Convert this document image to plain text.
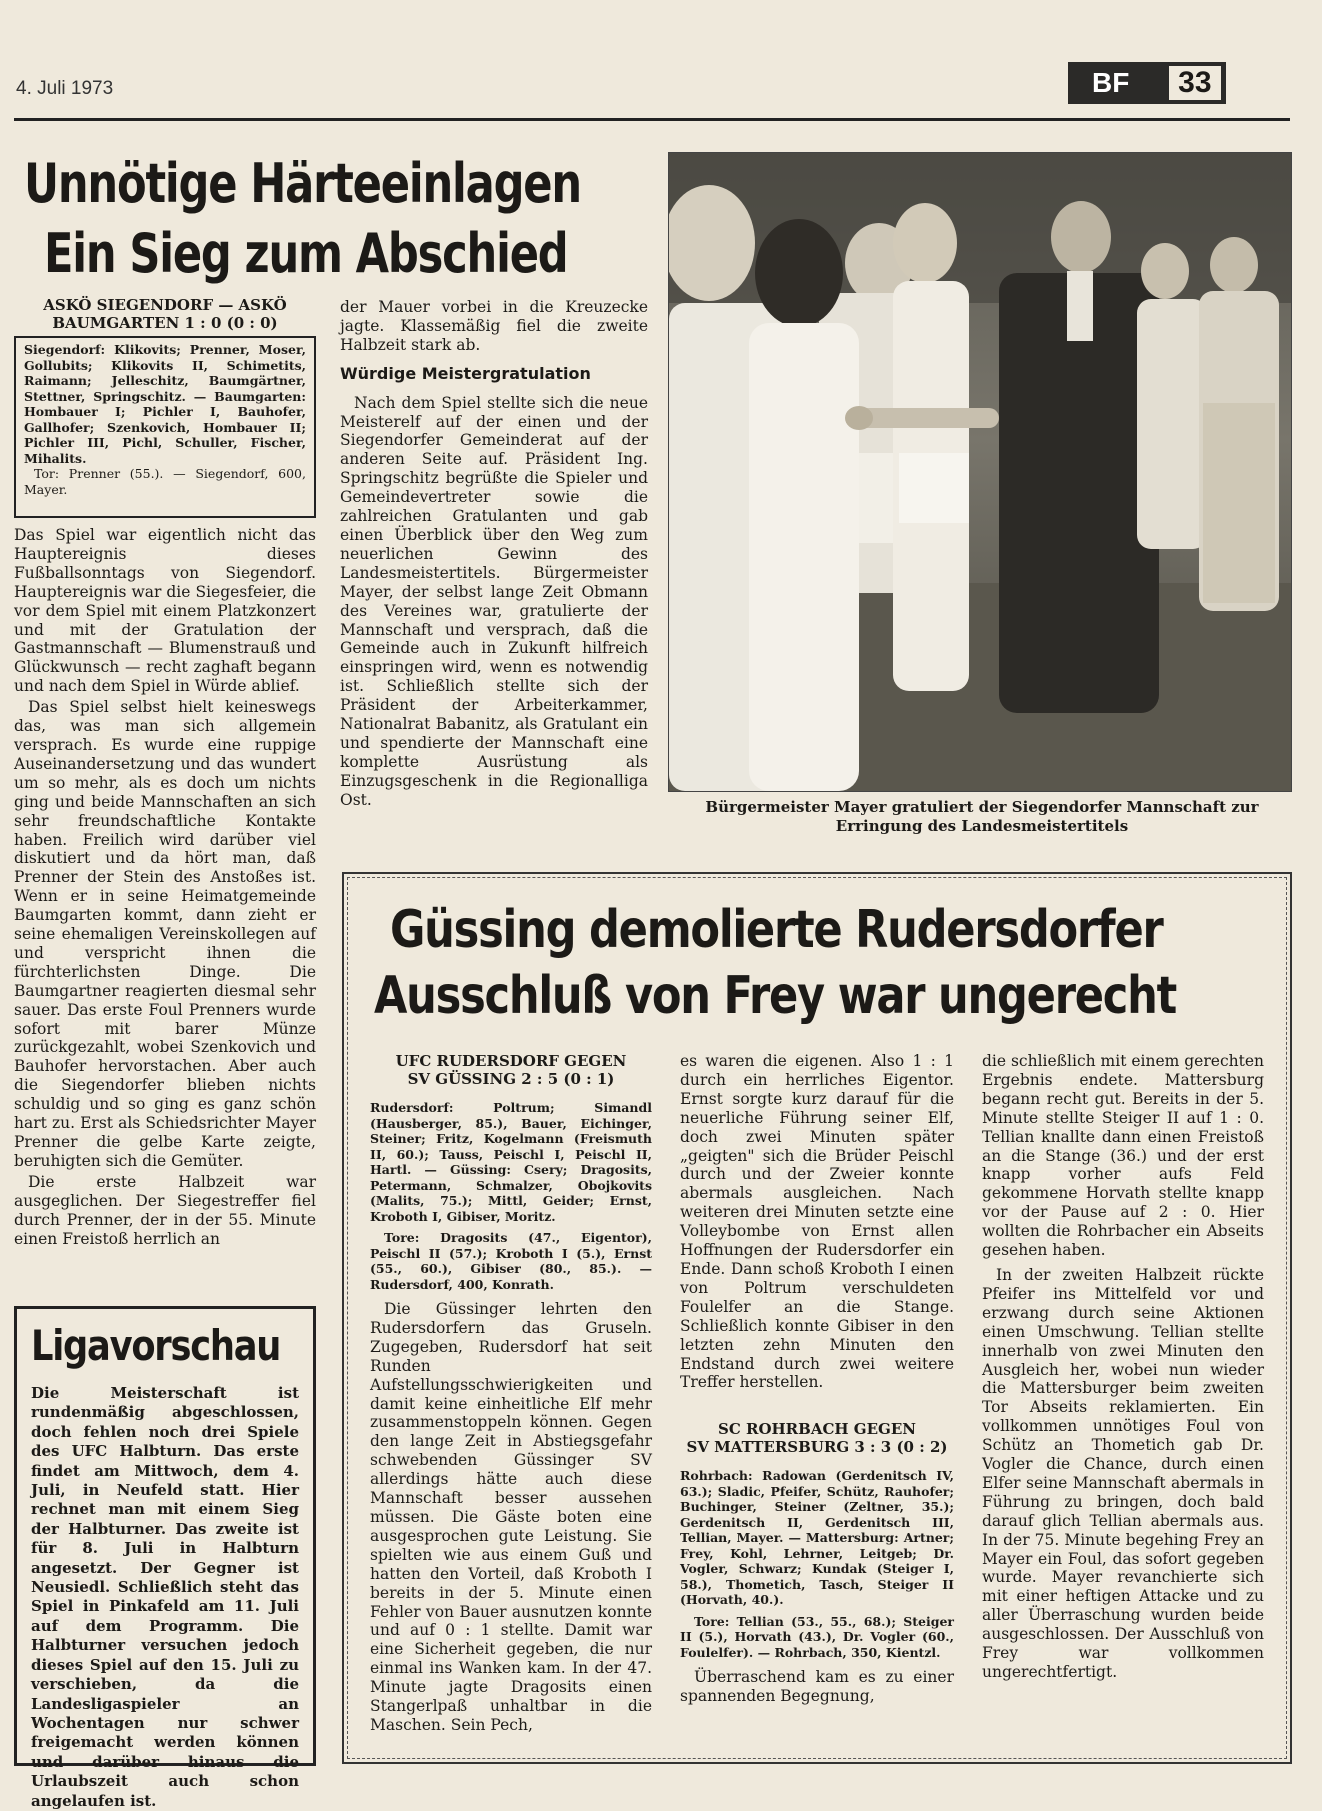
4. Juli 1973	BF	33
Unnötige Härteeinlagen
Ein Sieg zum Abschied
ASKÖ SIEGENDORF — ASKÖ
BAUMGARTEN 1 : 0 (0 : 0)
Siegendorf: Klikovits; Prenner, Moser, Gollubits; Klikovits II, Schimetits, Raimann; Jelleschitz, Baumgärtner, Stettner, Springschitz. — Baumgarten: Hombauer I; Pichler I, Bauhofer, Gallhofer; Szenkovich, Hombauer II; Pichler III, Pichl, Schuller, Fischer, Mihalits.
Tor: Prenner (55.). — Siegendorf, 600, Mayer.

Das Spiel war eigentlich nicht das Hauptereignis dieses Fußballsonntags von Siegendorf. Hauptereignis war die Siegesfeier, die vor dem Spiel mit einem Platzkonzert und mit der Gratulation der Gastmannschaft — Blumenstrauß und Glückwunsch — recht zaghaft begann und nach dem Spiel in Würde ablief.

Das Spiel selbst hielt keineswegs das, was man sich allgemein versprach. Es wurde eine ruppige Auseinandersetzung und das wundert um so mehr, als es doch um nichts ging und beide Mannschaften an sich sehr freundschaftliche Kontakte haben. Freilich wird darüber viel diskutiert und da hört man, daß Prenner der Stein des Anstoßes ist. Wenn er in seine Heimatgemeinde Baumgarten kommt, dann zieht er seine ehemaligen Vereinskollegen auf und verspricht ihnen die fürchterlichsten Dinge. Die Baumgartner reagierten diesmal sehr sauer. Das erste Foul Prenners wurde sofort mit barer Münze zurückgezahlt, wobei Szenkovich und Bauhofer hervorstachen. Aber auch die Siegendorfer blieben nichts schuldig und so ging es ganz schön hart zu. Erst als Schiedsrichter Mayer Prenner die gelbe Karte zeigte, beruhigten sich die Gemüter.

Die erste Halbzeit war ausgeglichen. Der Siegestreffer fiel durch Prenner, der in der 55. Minute einen Freistoß herrlich an

der Mauer vorbei in die Kreuzecke jagte. Klassemäßig fiel die zweite Halbzeit stark ab.

Würdige Meistergratulation

Nach dem Spiel stellte sich die neue Meisterelf auf der einen und der Siegendorfer Gemeinderat auf der anderen Seite auf. Präsident Ing. Springschitz begrüßte die Spieler und Gemeindevertreter sowie die zahlreichen Gratulanten und gab einen Überblick über den Weg zum neuerlichen Gewinn des Landesmeistertitels. Bürgermeister Mayer, der selbst lange Zeit Obmann des Vereines war, gratulierte der Mannschaft und versprach, daß die Gemeinde auch in Zukunft hilfreich einspringen wird, wenn es notwendig ist. Schließlich stellte sich der Präsident der Arbeiterkammer, Nationalrat Babanitz, als Gratulant ein und spendierte der Mannschaft eine komplette Ausrüstung als Einzugsgeschenk in die Regionalliga Ost.	Bürgermeister Mayer gratuliert der Siegendorfer Mannschaft zur Erringung des Landesmeistertitels
Ligavorschau
Die Meisterschaft ist rundenmäßig abgeschlossen, doch fehlen noch drei Spiele des UFC Halbturn. Das erste findet am Mittwoch, dem 4. Juli, in Neufeld statt. Hier rechnet man mit einem Sieg der Halbturner. Das zweite ist für 8. Juli in Halbturn angesetzt. Der Gegner ist Neusiedl. Schließlich steht das Spiel in Pinkafeld am 11. Juli auf dem Programm. Die Halbturner versuchen jedoch dieses Spiel auf den 15. Juli zu verschieben, da die Landesligaspieler an Wochentagen nur schwer freigemacht werden können und darüber hinaus die Urlaubszeit auch schon angelaufen ist.
Güssing demolierte Rudersdorfer
Ausschluß von Frey war ungerecht
UFC RUDERSDORF GEGEN
SV GÜSSING 2 : 5 (0 : 1)
Rudersdorf: Poltrum; Simandl (Hausberger, 85.), Bauer, Eichinger, Steiner; Fritz, Kogelmann (Freismuth II, 60.); Tauss, Peischl I, Peischl II, Hartl. — Güssing: Csery; Dragosits, Petermann, Schmalzer, Obojkovits (Malits, 75.); Mittl, Geider; Ernst, Kroboth I, Gibiser, Moritz.
Tore: Dragosits (47., Eigentor), Peischl II (57.); Kroboth I (5.), Ernst (55., 60.), Gibiser (80., 85.). — Rudersdorf, 400, Konrath.

Die Güssinger lehrten den Rudersdorfern das Gruseln. Zugegeben, Rudersdorf hat seit Runden Aufstellungsschwierigkeiten und damit keine einheitliche Elf mehr zusammenstoppeln können. Gegen den lange Zeit in Abstiegsgefahr schwebenden Güssinger SV allerdings hätte auch diese Mannschaft besser aussehen müssen. Die Gäste boten eine ausgesprochen gute Leistung. Sie spielten wie aus einem Guß und hatten den Vorteil, daß Kroboth I bereits in der 5. Minute einen Fehler von Bauer ausnutzen konnte und auf 0 : 1 stellte. Damit war eine Sicherheit gegeben, die nur einmal ins Wanken kam. In der 47. Minute jagte Dragosits einen Stangerlpaß unhaltbar in die Maschen. Sein Pech,

es waren die eigenen. Also 1 : 1 durch ein herrliches Eigentor. Ernst sorgte kurz darauf für die neuerliche Führung seiner Elf, doch zwei Minuten später „geigten" sich die Brüder Peischl durch und der Zweier konnte abermals ausgleichen. Nach weiteren drei Minuten setzte eine Volleybombe von Ernst allen Hoffnungen der Rudersdorfer ein Ende. Dann schoß Kroboth I einen von Poltrum verschuldeten Foulelfer an die Stange. Schließlich konnte Gibiser in den letzten zehn Minuten den Endstand durch zwei weitere Treffer herstellen.

SC ROHRBACH GEGEN
SV MATTERSBURG 3 : 3 (0 : 2)
Rohrbach: Radowan (Gerdenitsch IV, 63.); Sladic, Pfeifer, Schütz, Rauhofer; Buchinger, Steiner (Zeltner, 35.); Gerdenitsch II, Gerdenitsch III, Tellian, Mayer. — Mattersburg: Artner; Frey, Kohl, Lehrner, Leitgeb; Dr. Vogler, Schwarz; Kundak (Steiger I, 58.), Thometich, Tasch, Steiger II (Horvath, 40.).
Tore: Tellian (53., 55., 68.); Steiger II (5.), Horvath (43.), Dr. Vogler (60., Foulelfer). — Rohrbach, 350, Kientzl.

Überraschend kam es zu einer spannenden Begegnung,

die schließlich mit einem gerechten Ergebnis endete. Mattersburg begann recht gut. Bereits in der 5. Minute stellte Steiger II auf 1 : 0. Tellian knallte dann einen Freistoß an die Stange (36.) und der erst knapp vorher aufs Feld gekommene Horvath stellte knapp vor der Pause auf 2 : 0. Hier wollten die Rohrbacher ein Abseits gesehen haben.

In der zweiten Halbzeit rückte Pfeifer ins Mittelfeld vor und erzwang durch seine Aktionen einen Umschwung. Tellian stellte innerhalb von zwei Minuten den Ausgleich her, wobei nun wieder die Mattersburger beim zweiten Tor Abseits reklamierten. Ein vollkommen unnötiges Foul von Schütz an Thometich gab Dr. Vogler die Chance, durch einen Elfer seine Mannschaft abermals in Führung zu bringen, doch bald darauf glich Tellian abermals aus. In der 75. Minute begehing Frey an Mayer ein Foul, das sofort gegeben wurde. Mayer revanchierte sich mit einer heftigen Attacke und zu aller Überraschung wurden beide ausgeschlossen. Der Ausschluß von Frey war vollkommen ungerechtfertigt.
